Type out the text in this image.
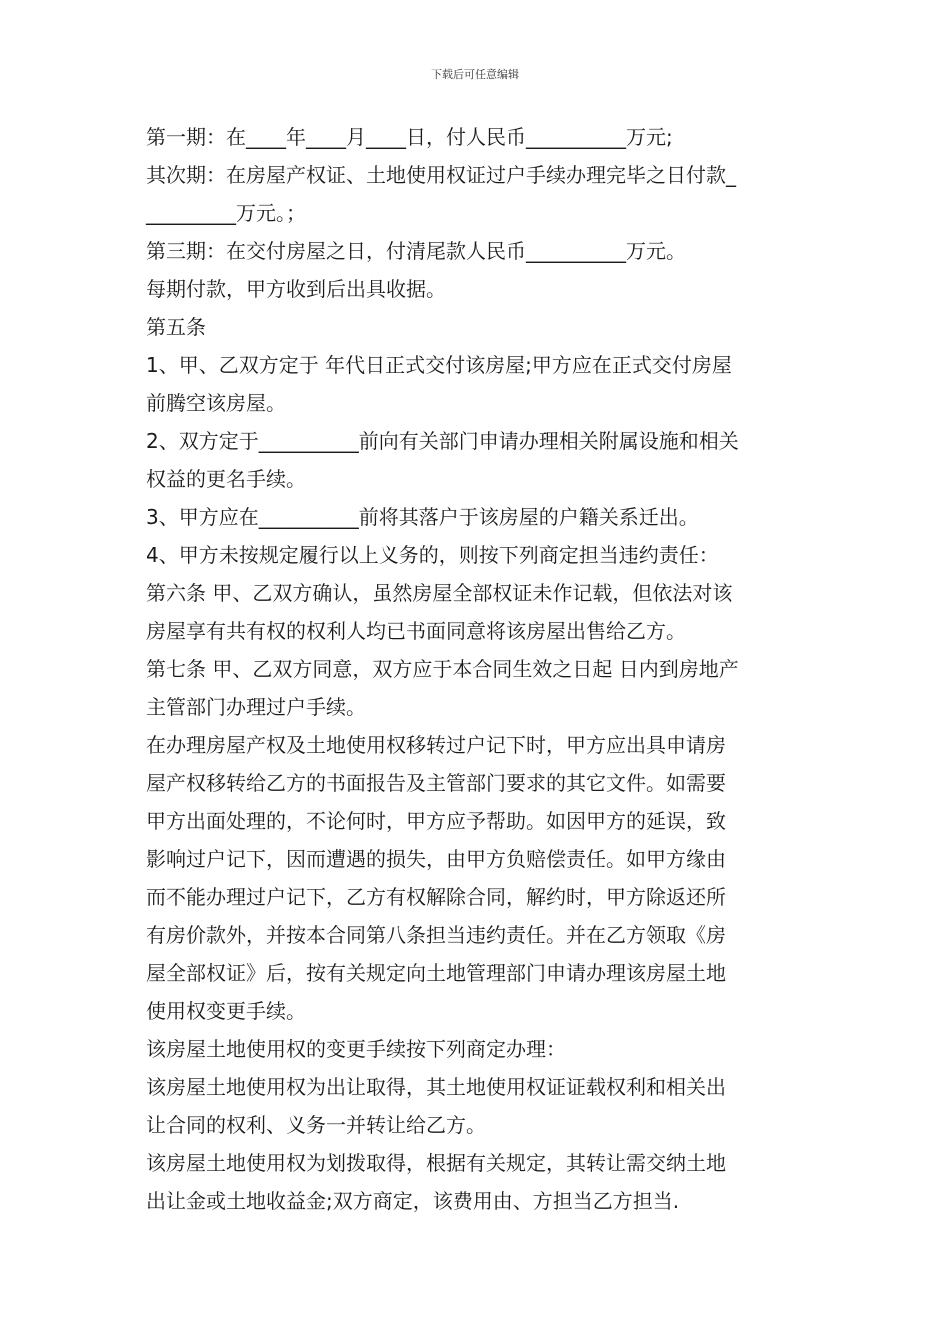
下载后可任意编辑
第一期：在____年____月____日，付人民币__________万元;
其次期：在房屋产权证、土地使用权证过户手续办理完毕之日付款_
_________万元。；
第三期：在交付房屋之日，付清尾款人民币__________万元。
每期付款，甲方收到后出具收据。
第五条
1、甲、乙双方定于 年代日正式交付该房屋;甲方应在正式交付房屋
前腾空该房屋。
2、双方定于__________前向有关部门申请办理相关附属设施和相关
权益的更名手续。
3、甲方应在__________前将其落户于该房屋的户籍关系迁出。
4、甲方未按规定履行以上义务的，则按下列商定担当违约责任：
第六条 甲、乙双方确认，虽然房屋全部权证未作记载，但依法对该
房屋享有共有权的权利人均已书面同意将该房屋出售给乙方。
第七条 甲、乙双方同意，双方应于本合同生效之日起 日内到房地产
主管部门办理过户手续。
在办理房屋产权及土地使用权移转过户记下时，甲方应出具申请房
屋产权移转给乙方的书面报告及主管部门要求的其它文件。如需要
甲方出面处理的，不论何时，甲方应予帮助。如因甲方的延误，致
影响过户记下，因而遭遇的损失，由甲方负赔偿责任。如甲方缘由
而不能办理过户记下，乙方有权解除合同，解约时，甲方除返还所
有房价款外，并按本合同第八条担当违约责任。并在乙方领取《房
屋全部权证》后，按有关规定向土地管理部门申请办理该房屋土地
使用权变更手续。
该房屋土地使用权的变更手续按下列商定办理：
该房屋土地使用权为出让取得，其土地使用权证证载权利和相关出
让合同的权利、义务一并转让给乙方。
该房屋土地使用权为划拨取得，根据有关规定，其转让需交纳土地
出让金或土地收益金;双方商定，该费用由、方担当乙方担当.
